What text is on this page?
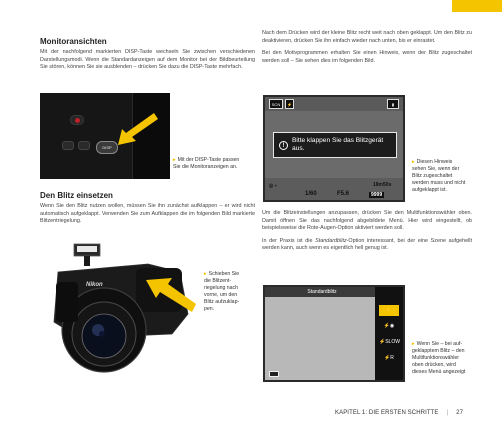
Monitoransichten

Mit der nachfolgend markierten DISP-Taste wechseln Sie zwischen verschiedenen Darstellungsmodi. Wenn die Standardanzeigen auf dem Monitor bei der Bildbeurteilung Sie stören, können Sie sie ausblenden – drücken Sie dazu die DISP-Taste mehrfach.

DISP
▸ Mit der DISP-Taste passen
Sie die Monitoranzeigen an.
Den Blitz einsetzen

Wenn Sie den Blitz nutzen wollen, müssen Sie ihn zunächst aufklappen – er wird nicht automatisch aufgeklappt. Verwenden Sie zum Aufklappen die im folgenden Bild markierte Blitzentriegelung.

Nikon
▸ Schieben Sie
die Blitzent-
riegelung nach
vorne, um den
Blitz aufzuklap-
pen.

Nach dem Drücken wird der kleine Blitz recht weit nach oben geklappt. Um den Blitz zu deaktivieren, drücken Sie ihn einfach wieder nach unten, bis er einrastet.

Bei den Motivprogrammen erhalten Sie einen Hinweis, wenn der Blitz zugeschaltet werden soll – Sie sehen dies im folgenden Bild.

SCN	⚡	▮
!
Bitte klappen Sie das Blitzgerät
aus.
◎ ◐
1/60	F5.6
18m50s
9999
▸ Diesen Hinweis
sehen Sie, wenn der
Blitz zugeschaltet
werden muss und nicht
aufgeklappt ist.

Um die Blitzeinstellungen anzupassen, drücken Sie den Multifunktionswähler oben. Damit öffnen Sie das nachfolgend abgebildete Menü. Hier wird eingestellt, ob beispielsweise die Rote-Augen-Option aktiviert werden soll.

In der Praxis ist die Standardblitz-Option interessant, bei der eine Szene aufgehellt werden kann, auch wenn es eigentlich hell genug ist.

Standardblitz
⚡
⚡◉
⚡SLOW
⚡R
▸ Wenn Sie – bei auf-
geklapptem Blitz – den
Multifunktionswähler
oben drücken, wird
dieses Menü angezeigt
KAPITEL 1: DIE ERSTEN SCHRITTE | 27
